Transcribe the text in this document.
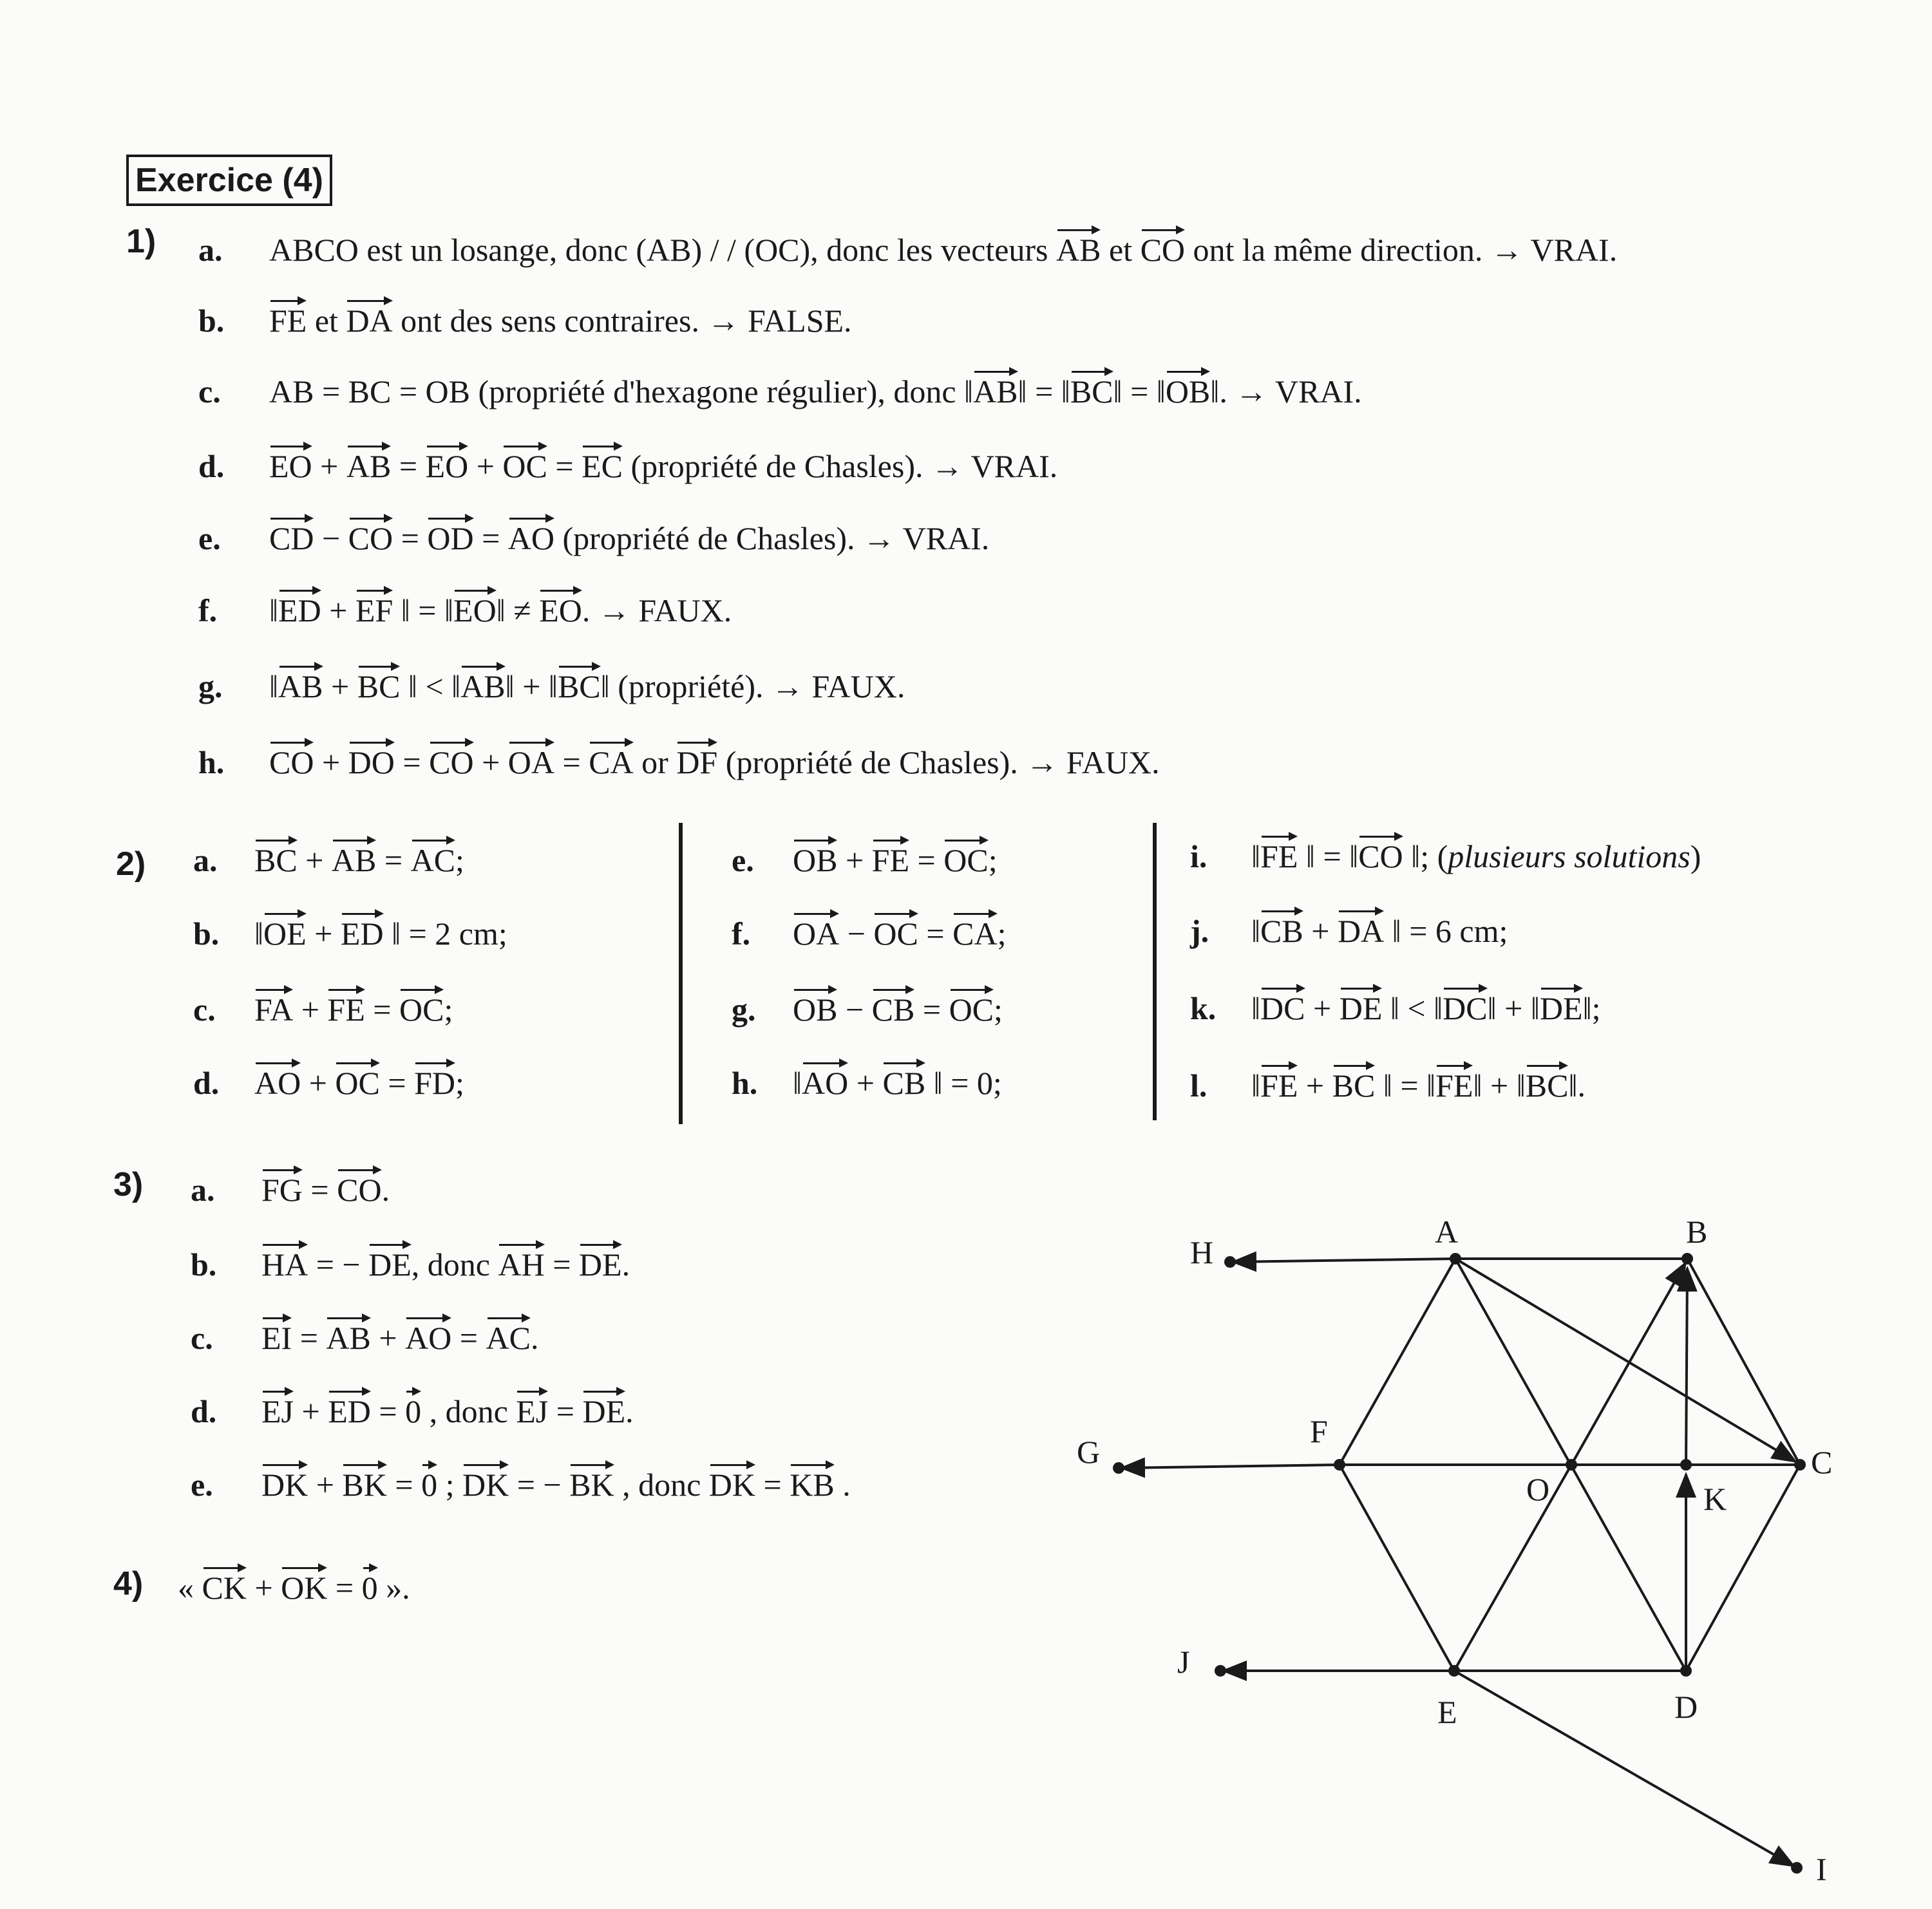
Exercice (4)
1) a. ABCO est un losange, donc (AB) / / (OC), donc les vecteurs AB et CO ont la même direction. → VRAI.
b. FE et DA ont des sens contraires. → FALSE.
c. AB = BC = OB (propriété d'hexagone régulier), donc ‖AB‖ = ‖BC‖ = ‖OB‖. → VRAI.
d. EO + AB = EO + OC = EC (propriété de Chasles). → VRAI.
e. CD − CO = OD = AO (propriété de Chasles). → VRAI.
f. ‖ED + EF ‖ = ‖EO‖ ≠ EO. → FAUX.
g. ‖AB + BC ‖ < ‖AB‖ + ‖BC‖ (propriété). → FAUX.
h. CO + DO = CO + OA = CA or DF (propriété de Chasles). → FAUX.
2) a. BC + AB = AC;
b. ‖OE + ED ‖ = 2 cm;
c. FA + FE = OC;
d. AO + OC = FD;
e. OB + FE = OC;
f. OA − OC = CA;
g. OB − CB = OC;
h. ‖AO + CB ‖ = 0;
i. ‖FE ‖ = ‖CO ‖; (plusieurs solutions)
j. ‖CB + DA ‖ = 6 cm;
k. ‖DC + DE ‖ < ‖DC‖ + ‖DE‖;
l. ‖FE + BC ‖ = ‖FE‖ + ‖BC‖.
3) a. FG = CO.
b. HA = − DE, donc AH = DE.
c. EI = AB + AO = AC.
d. EJ + ED = 0 , donc EJ = DE.
e. DK + BK = 0 ; DK = − BK , donc DK = KB .
4) « CK + OK = 0 ».
A	B
C
D
E
F
O	K
G
H
I
J
